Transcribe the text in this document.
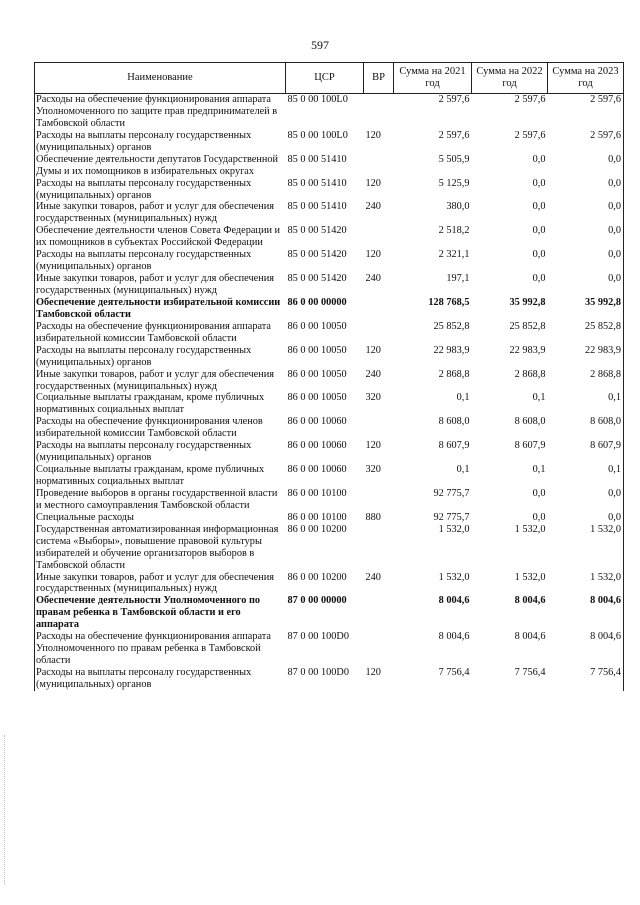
597
Наименование	ЦСР	ВР	Сумма на 2021 год	Сумма на 2022 год	Сумма на 2023 год
Расходы на обеспечение функционирования аппарата Уполномоченного по защите прав предпринимателей в Тамбовской области	85 0 00 100L0		2 597,6	2 597,6	2 597,6
Расходы на выплаты персоналу государственных (муниципальных) органов	85 0 00 100L0	120	2 597,6	2 597,6	2 597,6
Обеспечение деятельности депутатов Государственной Думы и их помощников в избирательных округах	85 0 00 51410		5 505,9	0,0	0,0
Расходы на выплаты персоналу государственных (муниципальных) органов	85 0 00 51410	120	5 125,9	0,0	0,0
Иные закупки товаров, работ и услуг для обеспечения государственных (муниципальных) нужд	85 0 00 51410	240	380,0	0,0	0,0
Обеспечение деятельности членов Совета Федерации и их помощников в субъектах Российской Федерации	85 0 00 51420		2 518,2	0,0	0,0
Расходы на выплаты персоналу государственных (муниципальных) органов	85 0 00 51420	120	2 321,1	0,0	0,0
Иные закупки товаров, работ и услуг для обеспечения государственных (муниципальных) нужд	85 0 00 51420	240	197,1	0,0	0,0
Обеспечение деятельности избирательной комиссии Тамбовской области	86 0 00 00000		128 768,5	35 992,8	35 992,8
Расходы на обеспечение функционирования аппарата избирательной комиссии Тамбовской области	86 0 00 10050		25 852,8	25 852,8	25 852,8
Расходы на выплаты персоналу государственных (муниципальных) органов	86 0 00 10050	120	22 983,9	22 983,9	22 983,9
Иные закупки товаров, работ и услуг для обеспечения государственных (муниципальных) нужд	86 0 00 10050	240	2 868,8	2 868,8	2 868,8
Социальные выплаты гражданам, кроме публичных нормативных социальных выплат	86 0 00 10050	320	0,1	0,1	0,1
Расходы на обеспечение функционирования членов избирательной комиссии Тамбовской области	86 0 00 10060		8 608,0	8 608,0	8 608,0
Расходы на выплаты персоналу государственных (муниципальных) органов	86 0 00 10060	120	8 607,9	8 607,9	8 607,9
Социальные выплаты гражданам, кроме публичных нормативных социальных выплат	86 0 00 10060	320	0,1	0,1	0,1
Проведение выборов в органы государственной власти и местного самоуправления Тамбовской области	86 0 00 10100		92 775,7	0,0	0,0
Специальные расходы	86 0 00 10100	880	92 775,7	0,0	0,0
Государственная автоматизированная информационная система «Выборы», повышение правовой культуры избирателей и обучение организаторов выборов в Тамбовской области	86 0 00 10200		1 532,0	1 532,0	1 532,0
Иные закупки товаров, работ и услуг для обеспечения государственных (муниципальных) нужд	86 0 00 10200	240	1 532,0	1 532,0	1 532,0
Обеспечение деятельности Уполномоченного по правам ребенка в Тамбовской области и его аппарата	87 0 00 00000		8 004,6	8 004,6	8 004,6
Расходы на обеспечение функционирования аппарата Уполномоченного по правам ребенка в Тамбовской области	87 0 00 100D0		8 004,6	8 004,6	8 004,6
Расходы на выплаты персоналу государственных (муниципальных) органов	87 0 00 100D0	120	7 756,4	7 756,4	7 756,4
